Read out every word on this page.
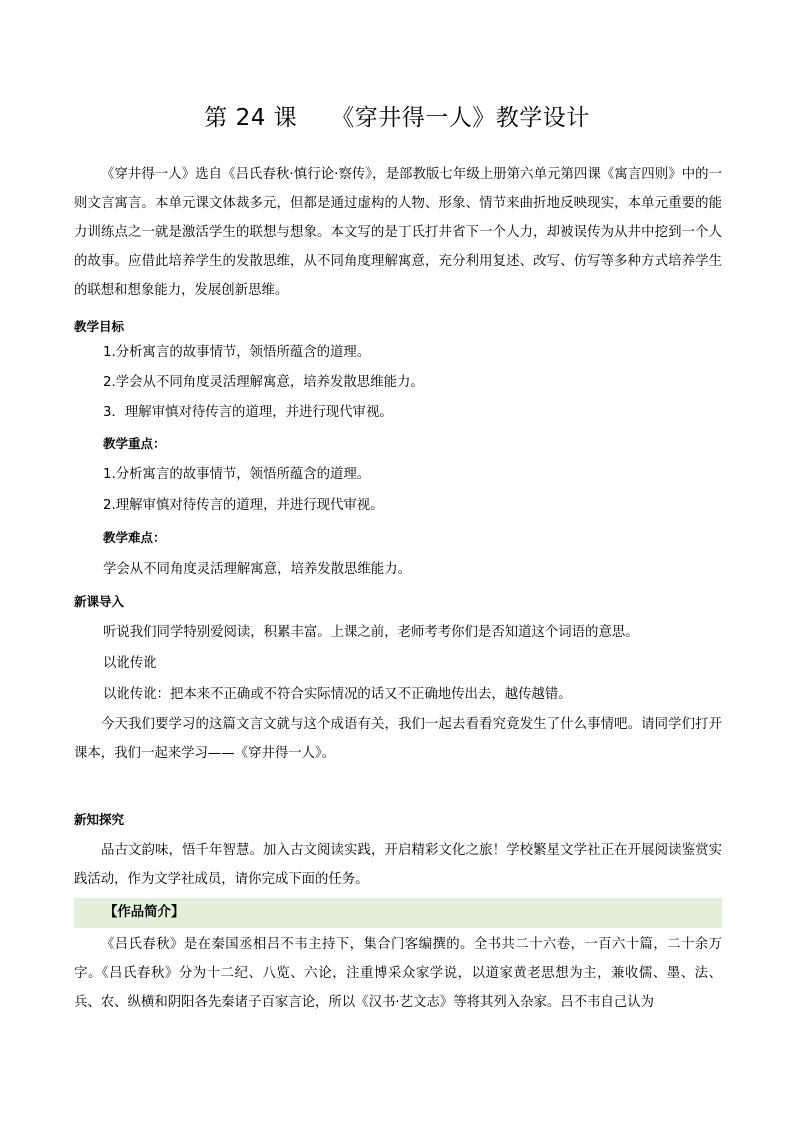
第 24 课 《穿井得一人》教学设计

《穿井得一人》选自《吕氏春秋·慎行论·察传》，是部教版七年级上册第六单元第四课《寓言四则》中的一则文言寓言。本单元课文体裁多元，但都是通过虚构的人物、形象、情节来曲折地反映现实，本单元重要的能力训练点之一就是激活学生的联想与想象。本文写的是丁氏打井省下一个人力，却被误传为从井中挖到一个人的故事。应借此培养学生的发散思维，从不同角度理解寓意，充分利用复述、改写、仿写等多种方式培养学生的联想和想象能力，发展创新思维。

教学目标

1.分析寓言的故事情节，领悟所蕴含的道理。

2.学会从不同角度灵活理解寓意，培养发散思维能力。

3．理解审慎对待传言的道理，并进行现代审视。

教学重点：

1.分析寓言的故事情节，领悟所蕴含的道理。

2.理解审慎对待传言的道理，并进行现代审视。

教学难点：

学会从不同角度灵活理解寓意，培养发散思维能力。

新课导入

听说我们同学特别爱阅读，积累丰富。上课之前，老师考考你们是否知道这个词语的意思。

以讹传讹

以讹传讹：把本来不正确或不符合实际情况的话又不正确地传出去，越传越错。

今天我们要学习的这篇文言文就与这个成语有关，我们一起去看看究竟发生了什么事情吧。请同学们打开课本，我们一起来学习——《穿井得一人》。

新知探究

品古文韵味，悟千年智慧。加入古文阅读实践，开启精彩文化之旅！学校繁星文学社正在开展阅读鉴赏实践活动，作为文学社成员，请你完成下面的任务。

【作品简介】

《吕氏春秋》是在秦国丞相吕不韦主持下，集合门客编撰的。全书共二十六卷，一百六十篇，二十余万字。《吕氏春秋》分为十二纪、八览、六论，注重博采众家学说，以道家黄老思想为主，兼收儒、墨、法、兵、农、纵横和阴阳各先秦诸子百家言论，所以《汉书·艺文志》等将其列入杂家。吕不韦自己认为
